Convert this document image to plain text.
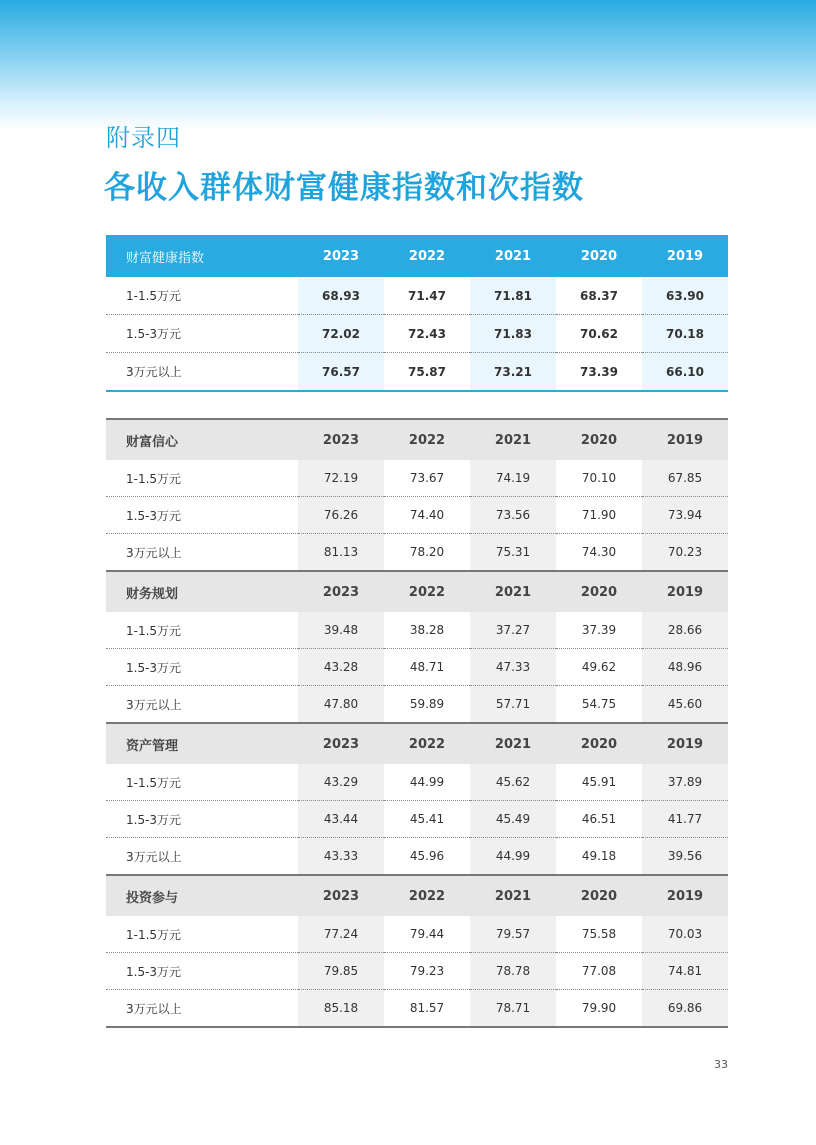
附录四
各收入群体财富健康指数和次指数
财富健康指数	2023	2022	2021	2020	2019
1-1.5万元	68.93	71.47	71.81	68.37	63.90
1.5-3万元	72.02	72.43	71.83	70.62	70.18
3万元以上	76.57	75.87	73.21	73.39	66.10
财富信心	2023	2022	2021	2020	2019
1-1.5万元	72.19	73.67	74.19	70.10	67.85
1.5-3万元	76.26	74.40	73.56	71.90	73.94
3万元以上	81.13	78.20	75.31	74.30	70.23
财务规划	2023	2022	2021	2020	2019
1-1.5万元	39.48	38.28	37.27	37.39	28.66
1.5-3万元	43.28	48.71	47.33	49.62	48.96
3万元以上	47.80	59.89	57.71	54.75	45.60
资产管理	2023	2022	2021	2020	2019
1-1.5万元	43.29	44.99	45.62	45.91	37.89
1.5-3万元	43.44	45.41	45.49	46.51	41.77
3万元以上	43.33	45.96	44.99	49.18	39.56
投资参与	2023	2022	2021	2020	2019
1-1.5万元	77.24	79.44	79.57	75.58	70.03
1.5-3万元	79.85	79.23	78.78	77.08	74.81
3万元以上	85.18	81.57	78.71	79.90	69.86
33
